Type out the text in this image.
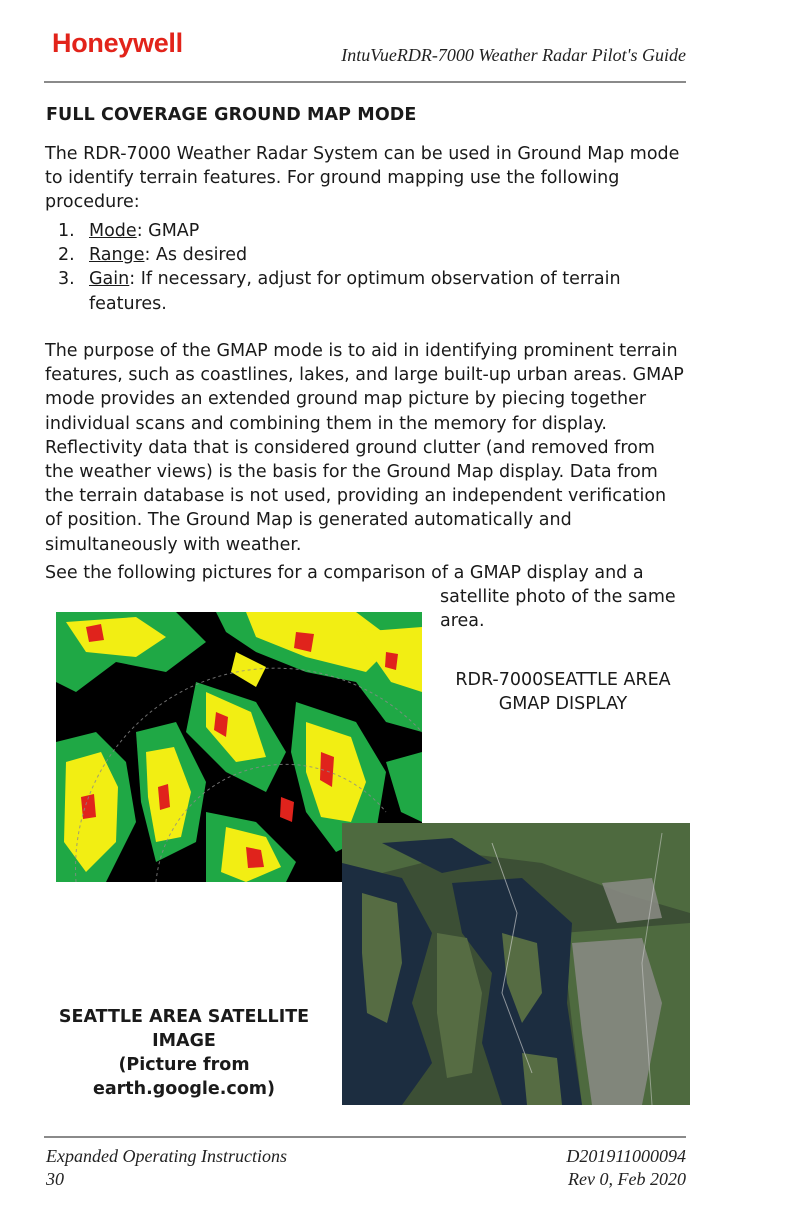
Honeywell	IntuVueRDR-7000 Weather Radar Pilot's Guide
FULL COVERAGE GROUND MAP MODE
The RDR-7000 Weather Radar System can be used in Ground Map mode to identify terrain features. For ground mapping use the following procedure:
1. Mode: GMAP
2. Range: As desired
3. Gain: If necessary, adjust for optimum observation of terrain features.
The purpose of the GMAP mode is to aid in identifying prominent terrain features, such as coastlines, lakes, and large built-up urban areas. GMAP mode provides an extended ground map picture by piecing together individual scans and combining them in the memory for display. Reflectivity data that is considered ground clutter (and removed from the weather views) is the basis for the Ground Map display. Data from the terrain database is not used, providing an independent verification of position. The Ground Map is generated automatically and simultaneously with weather.
See the following pictures for a comparison of a GMAP display and a
satellite photo of the same area.
RDR-7000SEATTLE AREA GMAP DISPLAY
SEATTLE AREA SATELLITE IMAGE
(Picture from earth.google.com)
Expanded Operating Instructions
30
D201911000094
Rev 0, Feb 2020
